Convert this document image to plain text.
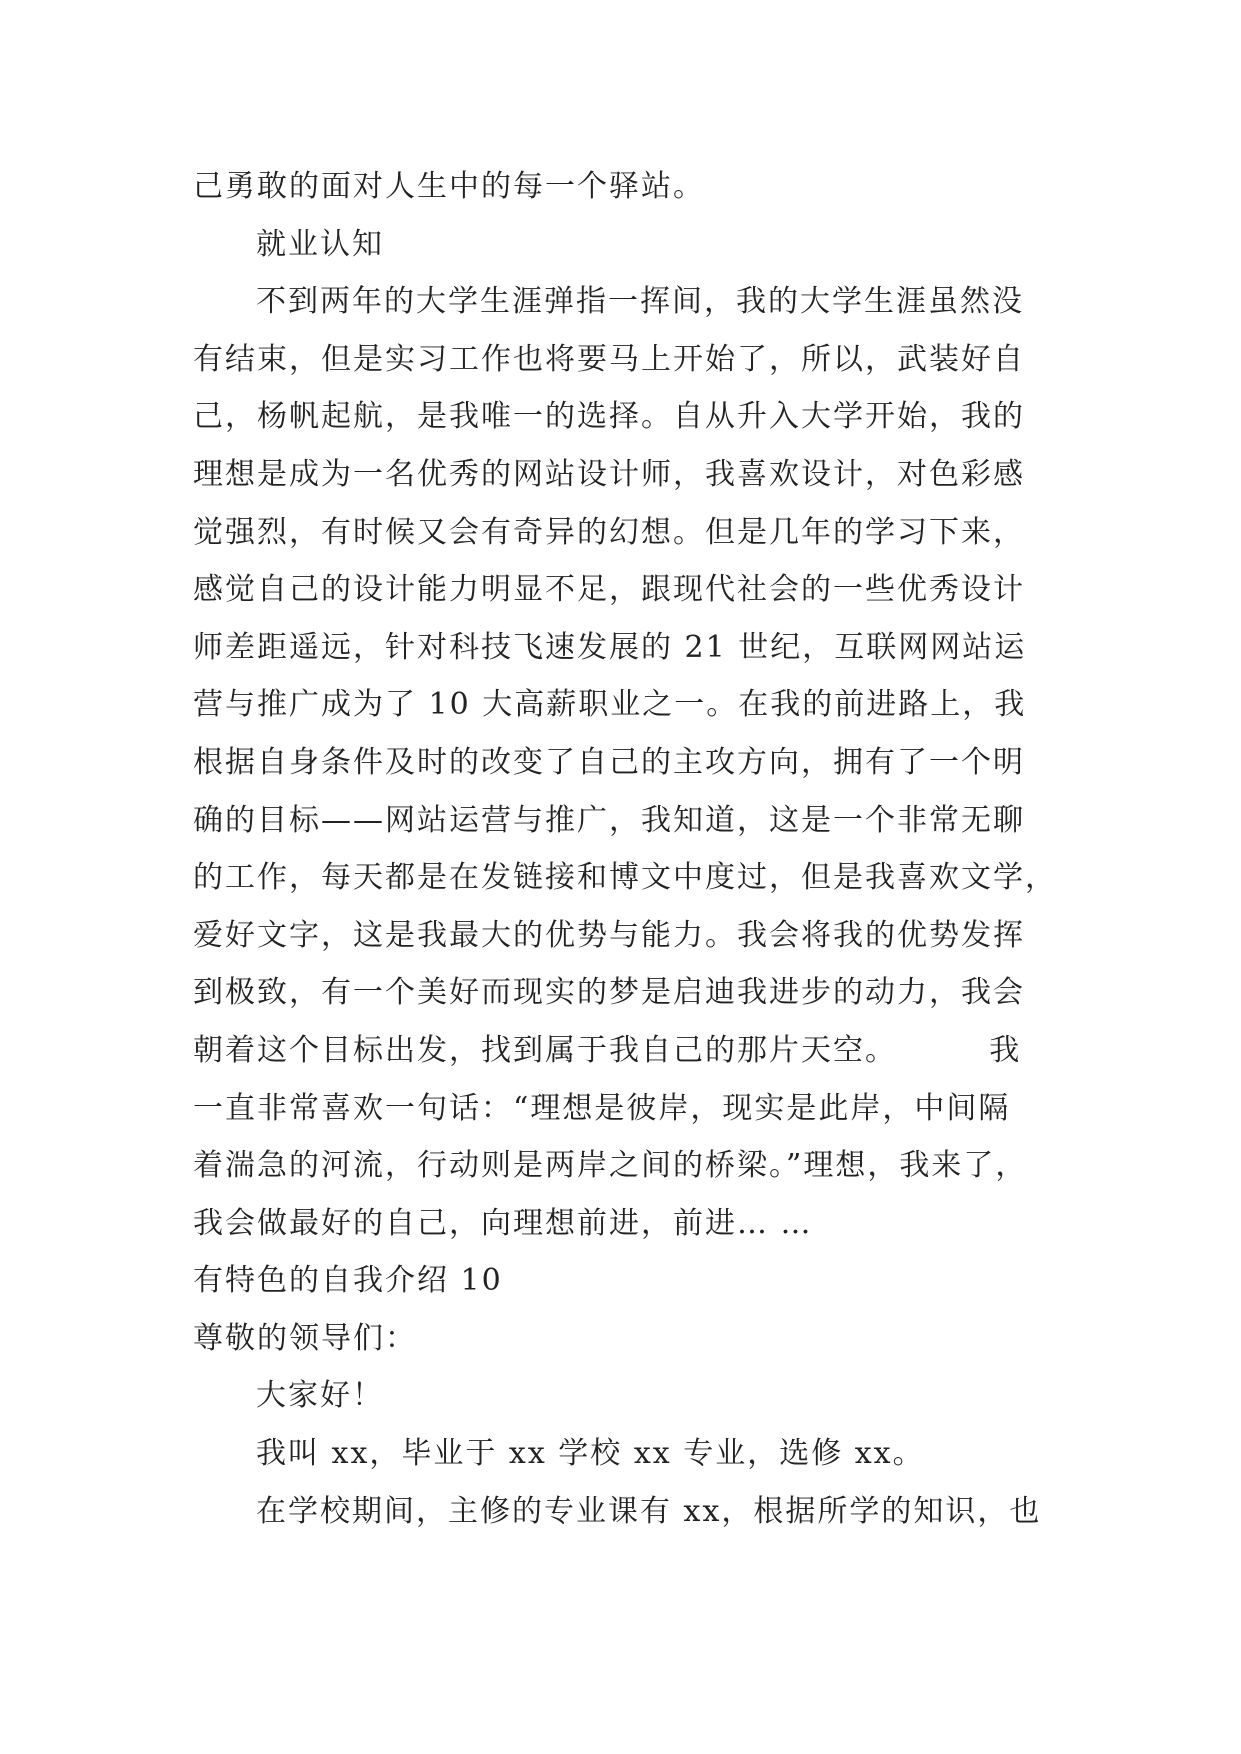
己勇敢的面对人生中的每一个驿站。
就业认知
不到两年的大学生涯弹指一挥间，我的大学生涯虽然没
有结束，但是实习工作也将要马上开始了，所以，武装好自
己，杨帆起航，是我唯一的选择。自从升入大学开始，我的
理想是成为一名优秀的网站设计师，我喜欢设计，对色彩感
觉强烈，有时候又会有奇异的幻想。但是几年的学习下来，
感觉自己的设计能力明显不足，跟现代社会的一些优秀设计
师差距遥远，针对科技飞速发展的 21 世纪，互联网网站运
营与推广成为了 10 大高薪职业之一。在我的前进路上，我
根据自身条件及时的改变了自己的主攻方向，拥有了一个明
确的目标——网站运营与推广，我知道，这是一个非常无聊
的工作，每天都是在发链接和博文中度过，但是我喜欢文学，
爱好文字，这是我最大的优势与能力。我会将我的优势发挥
到极致，有一个美好而现实的梦是启迪我进步的动力，我会
朝着这个目标出发，找到属于我自己的那片天空。        我
一直非常喜欢一句话：“理想是彼岸，现实是此岸，中间隔
着湍急的河流，行动则是两岸之间的桥梁。”理想，我来了，
我会做最好的自己，向理想前进，前进… …
有特色的自我介绍 10
尊敬的领导们：
大家好！
我叫 xx，毕业于 xx 学校 xx 专业，选修 xx。
在学校期间，主修的专业课有 xx，根据所学的知识，也
